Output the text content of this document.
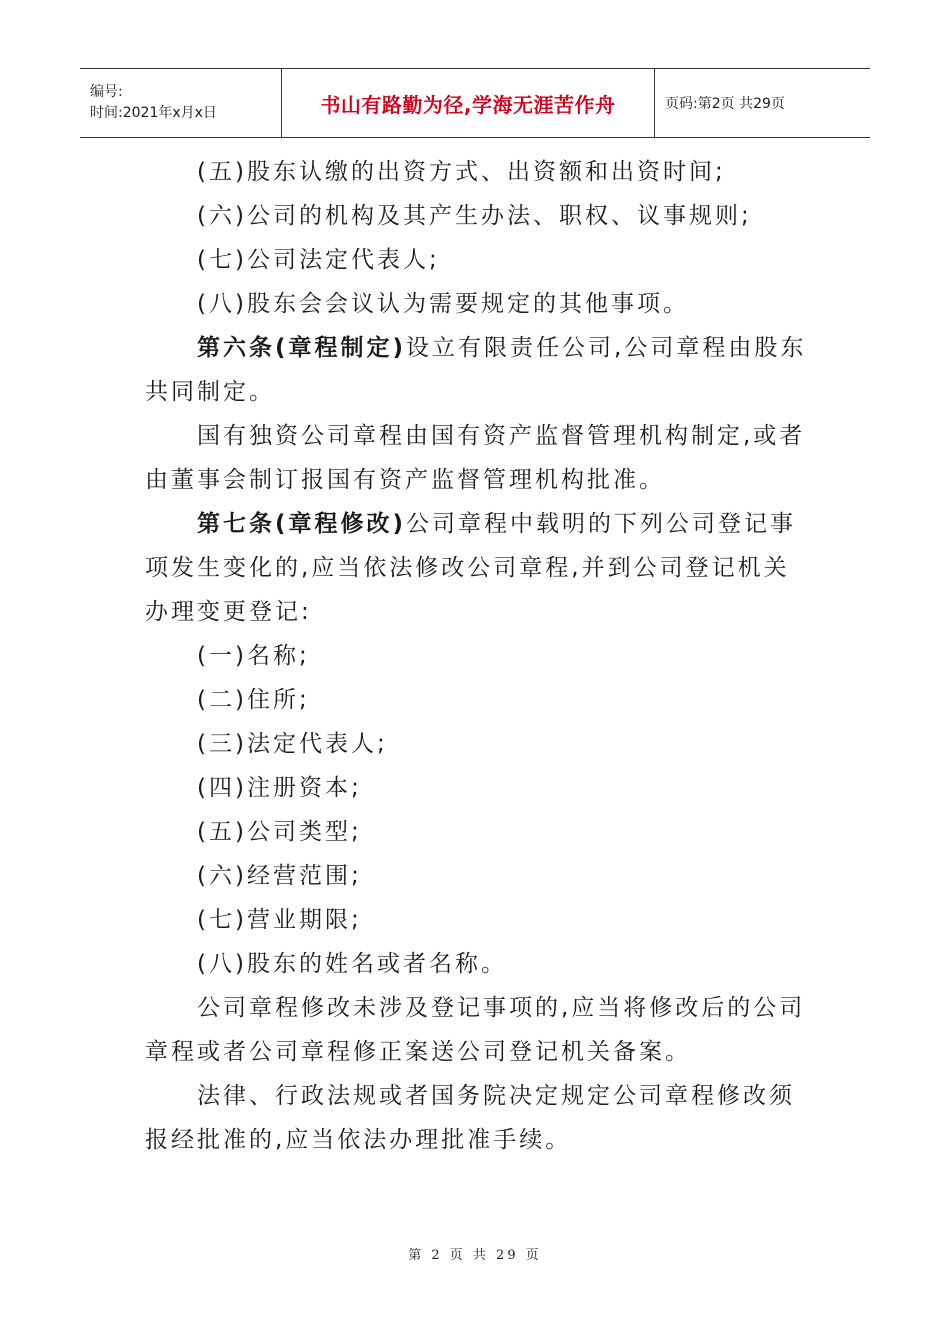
编号:
时间:2021年x月x日	书山有路勤为径,学海无涯苦作舟	页码:第2页 共29页

(五)股东认缴的出资方式、出资额和出资时间;

(六)公司的机构及其产生办法、职权、议事规则;

(七)公司法定代表人;

(八)股东会会议认为需要规定的其他事项。

第六条(章程制定)设立有限责任公司,公司章程由股东共同制定。

国有独资公司章程由国有资产监督管理机构制定,或者由董事会制订报国有资产监督管理机构批准。

第七条(章程修改)公司章程中载明的下列公司登记事项发生变化的,应当依法修改公司章程,并到公司登记机关办理变更登记:

(一)名称;

(二)住所;

(三)法定代表人;

(四)注册资本;

(五)公司类型;

(六)经营范围;

(七)营业期限;

(八)股东的姓名或者名称。

公司章程修改未涉及登记事项的,应当将修改后的公司章程或者公司章程修正案送公司登记机关备案。

法律、行政法规或者国务院决定规定公司章程修改须报经批准的,应当依法办理批准手续。

第 2 页 共 29 页
